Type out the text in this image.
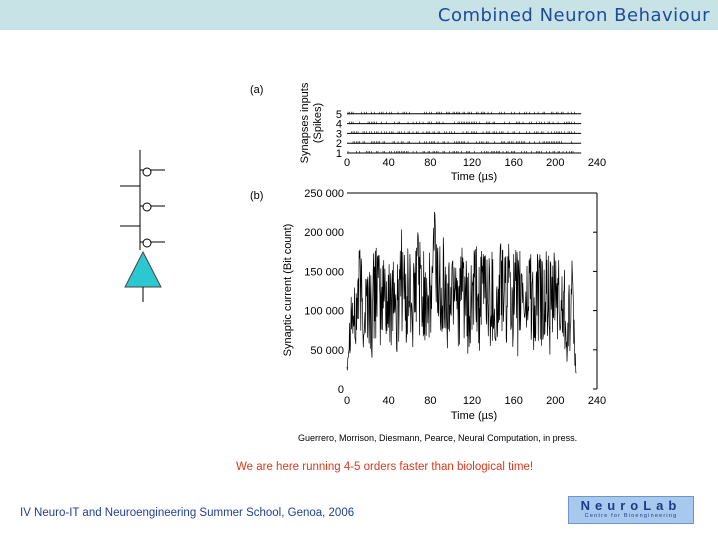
Combined Neuron Behaviour
(a)	Synapses inputs (Spikes)
1
2
3
4
5
0	40	80 120 160 200 240
Time (µs)
(b)
Synaptic current (Bit count)
0
50 000
100 000
150 000
200 000
250 000
0	40	80 120 160 200 240
Time (µs)
Guerrero, Morrison, Diesmann, Pearce, Neural Computation, in press.
We are here running 4-5 orders faster than biological time!
IV Neuro-IT and Neuroengineering Summer School, Genoa, 2006	NeuroLab
Centre for Bioengineering
